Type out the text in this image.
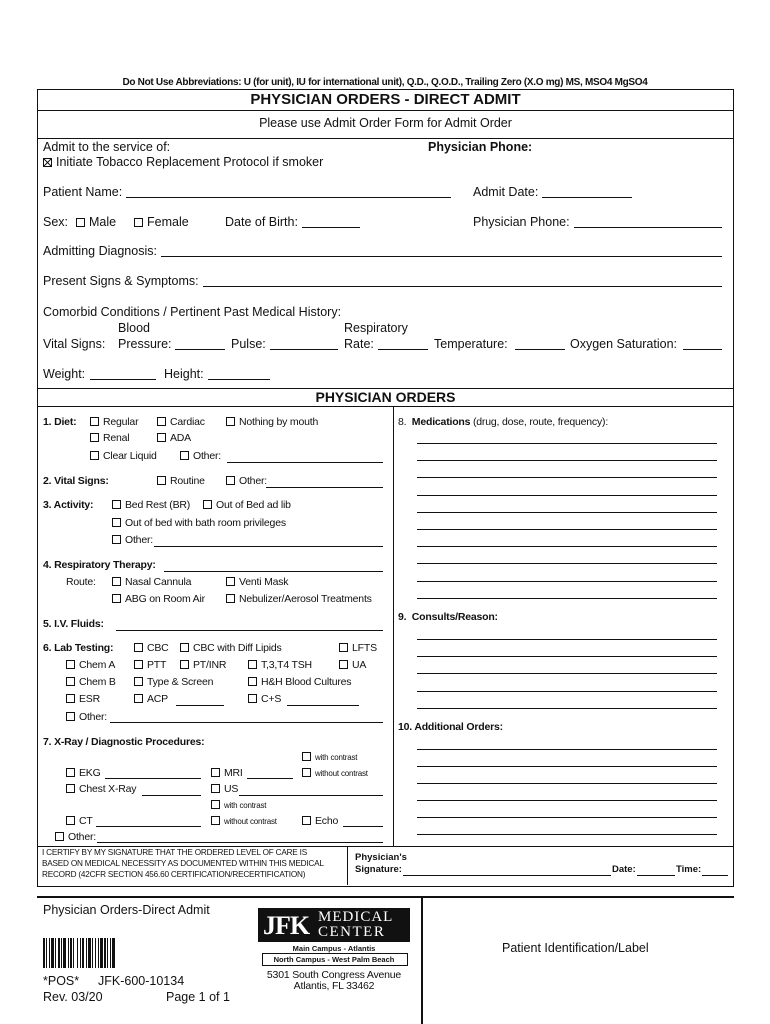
Do Not Use Abbreviations: U (for unit), IU for international unit), Q.D., Q.O.D., Trailing Zero (X.O mg) MS, MSO4 MgSO4
PHYSICIAN ORDERS - DIRECT ADMIT
Please use Admit Order Form for Admit Order
Admit to the service of:	Physician Phone:
Initiate Tobacco Replacement Protocol if smoker
Patient Name:	Admit Date:
Sex:	Male	Female	Date of Birth:	Physician Phone:
Admitting Diagnosis:
Present Signs & Symptoms:
Comorbid Conditions / Pertinent Past Medical History:
Blood	Respiratory
Vital Signs: Pressure:	Pulse:	Rate:	Temperature:	Oxygen Saturation:
Weight:	Height:
PHYSICIAN ORDERS
1. Diet:	Regular	Cardiac	Nothing by mouth
Renal	ADA
Clear Liquid	Other:
2. Vital Signs:	Routine	Other:
3. Activity:	Bed Rest (BR)	Out of Bed ad lib
Out of bed with bath room privileges
Other:
4. Respiratory Therapy:
Route:	Nasal Cannula	Venti Mask
ABG on Room Air	Nebulizer/Aerosol Treatments
5. I.V. Fluids:
6. Lab Testing:	CBC	CBC with Diff Lipids	LFTS
Chem A	PTT	PT/INR	T,3,T4 TSH	UA
Chem B	Type & Screen	H&H Blood Cultures
ESR	ACP	C+S
Other:
7. X-Ray / Diagnostic Procedures:
with contrast
EKG	MRI	without contrast
Chest X-Ray	US
with contrast
CT	without contrast	Echo
Other:
8. Medications (drug, dose, route, frequency):
9. Consults/Reason:
10. Additional Orders:
I CERTIFY BY MY SIGNATURE THAT THE ORDERED LEVEL OF CARE IS
BASED ON MEDICAL NECESSITY AS DOCUMENTED WITHIN THIS MEDICAL
RECORD (42CFR SECTION 456.60 CERTIFICATION/RECERTIFICATION)
Physician's
Signature:	Date:	Time:
Physician Orders-Direct Admit
*POS* JFK-600-10134
Rev. 03/20	Page 1 of 1
JFK MEDICAL
CENTER
Main Campus - Atlantis
North Campus - West Palm Beach
5301 South Congress Avenue
Atlantis, FL 33462
Patient Identification/Label
